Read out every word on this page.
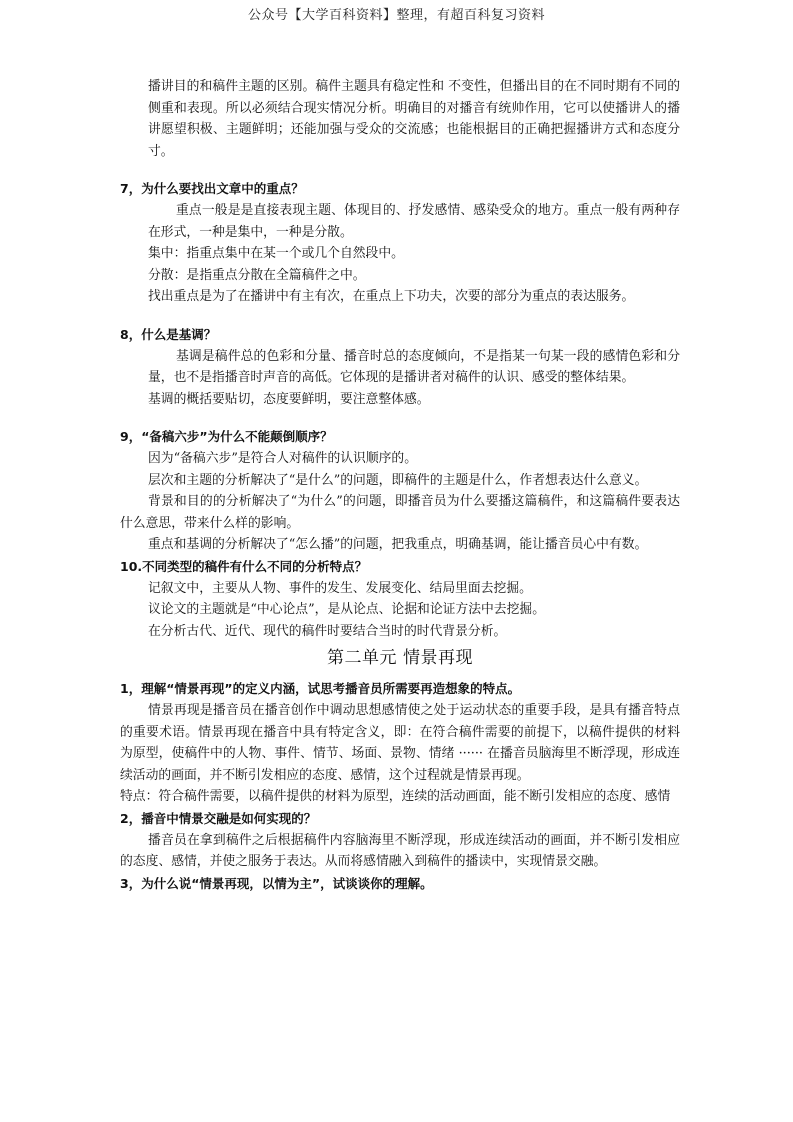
公众号【大学百科资料】整理，有超百科复习资料

播讲目的和稿件主题的区别。稿件主题具有稳定性和 不变性，但播出目的在不同时期有不同的侧重和表现。所以必须结合现实情况分析。明确目的对播音有统帅作用，它可以使播讲人的播讲愿望积极、主题鲜明；还能加强与受众的交流感；也能根据目的正确把握播讲方式和态度分寸。

7，为什么要找出文章中的重点？

重点一般是是直接表现主题、体现目的、抒发感情、感染受众的地方。重点一般有两种存在形式，一种是集中，一种是分散。

集中：指重点集中在某一个或几个自然段中。

分散：是指重点分散在全篇稿件之中。

找出重点是为了在播讲中有主有次，在重点上下功夫，次要的部分为重点的表达服务。

8，什么是基调？

基调是稿件总的色彩和分量、播音时总的态度倾向，不是指某一句某一段的感情色彩和分量，也不是指播音时声音的高低。它体现的是播讲者对稿件的认识、感受的整体结果。

基调的概括要贴切，态度要鲜明，要注意整体感。

9，“备稿六步”为什么不能颠倒顺序？

因为“备稿六步”是符合人对稿件的认识顺序的。

层次和主题的分析解决了“是什么”的问题，即稿件的主题是什么，作者想表达什么意义。

背景和目的的分析解决了“为什么”的问题，即播音员为什么要播这篇稿件，和这篇稿件要表达什么意思，带来什么样的影响。

重点和基调的分析解决了“怎么播”的问题，把我重点，明确基调，能让播音员心中有数。

10.不同类型的稿件有什么不同的分析特点？

记叙文中，主要从人物、事件的发生、发展变化、结局里面去挖掘。

议论文的主题就是“中心论点”，是从论点、论据和论证方法中去挖掘。

在分析古代、近代、现代的稿件时要结合当时的时代背景分析。

第二单元 情景再现

1，理解“情景再现”的定义内涵，试思考播音员所需要再造想象的特点。

情景再现是播音员在播音创作中调动思想感情使之处于运动状态的重要手段，是具有播音特点的重要术语。情景再现在播音中具有特定含义，即：在符合稿件需要的前提下，以稿件提供的材料为原型，使稿件中的人物、事件、情节、场面、景物、情绪 ······ 在播音员脑海里不断浮现，形成连续活动的画面，并不断引发相应的态度、感情，这个过程就是情景再现。

特点：符合稿件需要，以稿件提供的材料为原型，连续的活动画面，能不断引发相应的态度、感情

2，播音中情景交融是如何实现的？

播音员在拿到稿件之后根据稿件内容脑海里不断浮现，形成连续活动的画面，并不断引发相应的态度、感情，并使之服务于表达。从而将感情融入到稿件的播读中，实现情景交融。

3，为什么说“情景再现，以情为主”，试谈谈你的理解。
